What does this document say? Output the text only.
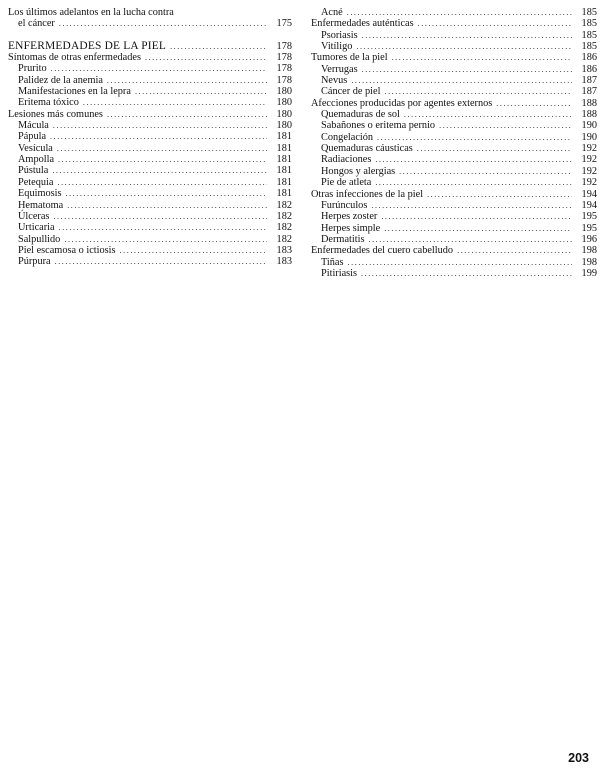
Los últimos adelantos en la lucha contra
el cáncer .....	175
ENFERMEDADES DE LA PIEL .....	178
Síntomas de otras enfermedades .....	178
Prurito .....	178
Palidez de la anemia .....	178
Manifestaciones en la lepra .....	180
Eritema tóxico .....	180
Lesiones más comunes .....	180
Mácula .....	180
Pápula .....	181
Vesícula .....	181
Ampolla .....	181
Pústula .....	181
Petequia .....	181
Equimosis .....	181
Hematoma .....	182
Úlceras .....	182
Urticaria .....	182
Salpullido .....	182
Piel escamosa o ictiosis .....	183
Púrpura .....	183
Acné .....	185
Enfermedades auténticas .....	185
Psoriasis .....	185
Vitíligo .....	185
Tumores de la piel .....	186
Verrugas .....	186
Nevus .....	187
Cáncer de piel .....	187
Afecciones producidas por agentes externos .....	188
Quemaduras de sol .....	188
Sabañones o eritema pernio .....	190
Congelación .....	190
Quemaduras cáusticas .....	192
Radiaciones .....	192
Hongos y alergias .....	192
Pie de atleta .....	192
Otras infecciones de la piel .....	194
Furúnculos .....	194
Herpes zoster .....	195
Herpes simple .....	195
Dermatitis .....	196
Enfermedades del cuero cabelludo .....	198
Tiñas .....	198
Pitiriasis .....	199
203
